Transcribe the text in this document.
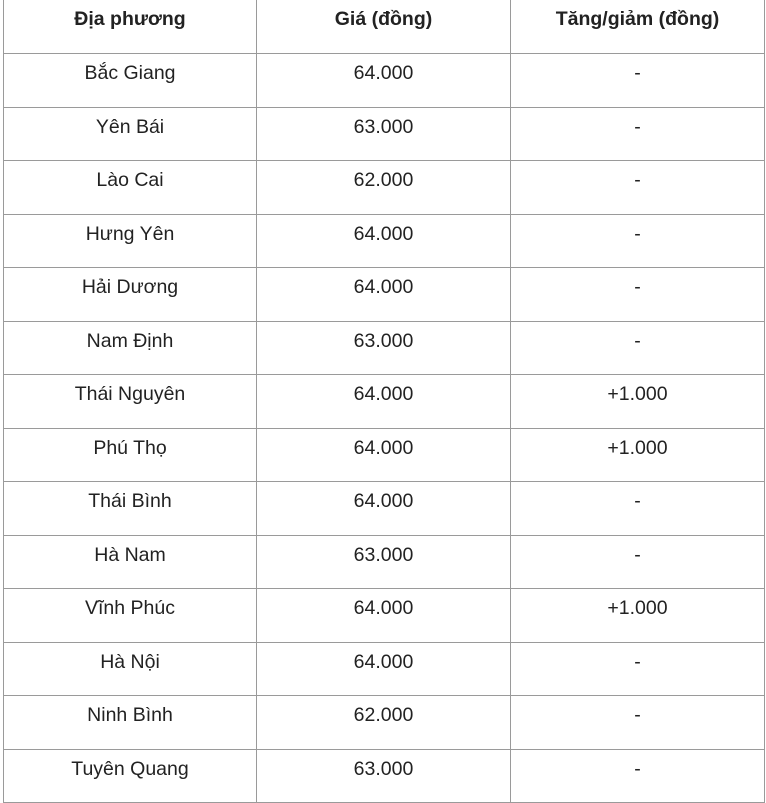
Địa phương	Giá (đồng)	Tăng/giảm (đồng)
Bắc Giang	64.000	-
Yên Bái	63.000	-
Lào Cai	62.000	-
Hưng Yên	64.000	-
Hải Dương	64.000	-
Nam Định	63.000	-
Thái Nguyên	64.000	+1.000
Phú Thọ	64.000	+1.000
Thái Bình	64.000	-
Hà Nam	63.000	-
Vĩnh Phúc	64.000	+1.000
Hà Nội	64.000	-
Ninh Bình	62.000	-
Tuyên Quang	63.000	-
